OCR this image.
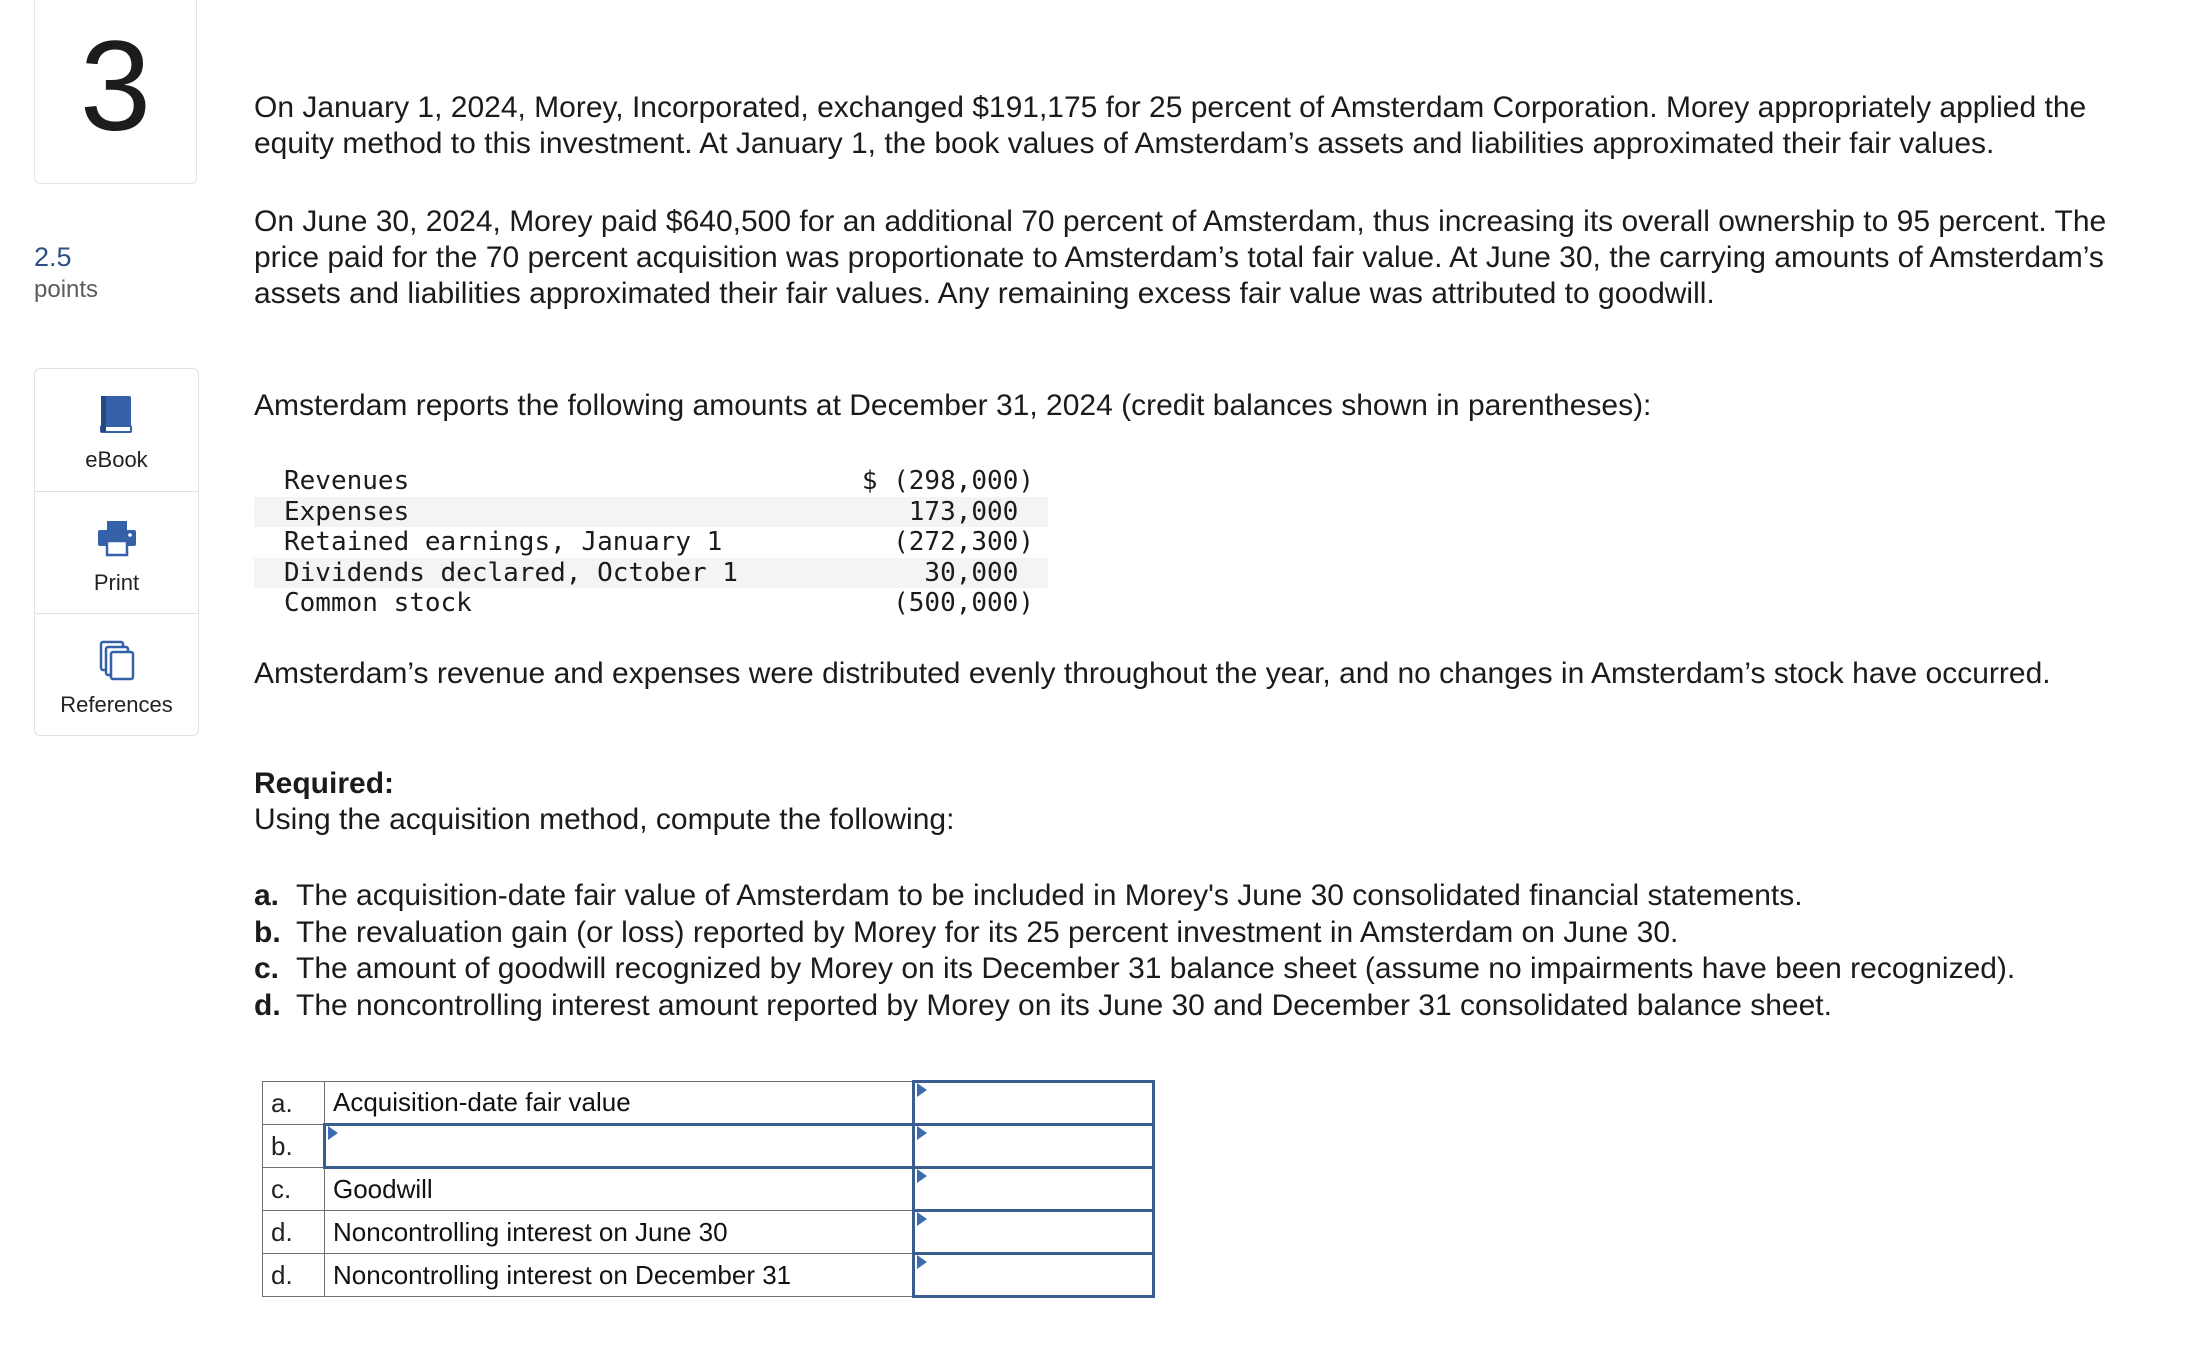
3
2.5
points
eBook
Print
References
On January 1, 2024, Morey, Incorporated, exchanged $191,175 for 25 percent of Amsterdam Corporation. Morey appropriately applied the equity method to this investment. At January 1, the book values of Amsterdam’s assets and liabilities approximated their fair values.
On June 30, 2024, Morey paid $640,500 for an additional 70 percent of Amsterdam, thus increasing its overall ownership to 95 percent. The price paid for the 70 percent acquisition was proportionate to Amsterdam’s total fair value. At June 30, the carrying amounts of Amsterdam’s assets and liabilities approximated their fair values. Any remaining excess fair value was attributed to goodwill.
Amsterdam reports the following amounts at December 31, 2024 (credit balances shown in parentheses):
Revenues	$ (298,000)
Expenses	173,000
Retained earnings, January 1	(272,300)
Dividends declared, October 1	30,000
Common stock	(500,000)
Amsterdam’s revenue and expenses were distributed evenly throughout the year, and no changes in Amsterdam’s stock have occurred.
Required:
Using the acquisition method, compute the following:
a. The acquisition-date fair value of Amsterdam to be included in Morey's June 30 consolidated financial statements.
b. The revaluation gain (or loss) reported by Morey for its 25 percent investment in Amsterdam on June 30.
c. The amount of goodwill recognized by Morey on its December 31 balance sheet (assume no impairments have been recognized).
d. The noncontrolling interest amount reported by Morey on its June 30 and December 31 consolidated balance sheet.
a.	Acquisition-date fair value	

b.	

c.	Goodwill	

d.	Noncontrolling interest on June 30	

d.	Noncontrolling interest on December 31	
